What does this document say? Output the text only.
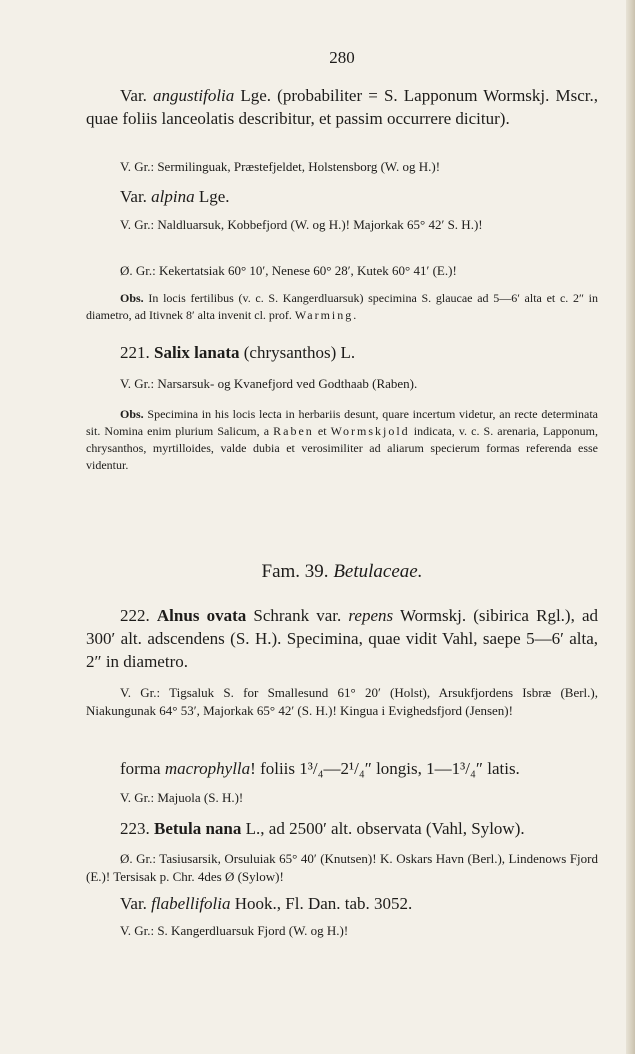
280
Var. angustifolia Lge. (probabiliter = S. Lapponum Wormskj. Mscr., quae foliis lanceolatis describitur, et passim occurrere dicitur).
V. Gr.: Sermilinguak, Præstefjeldet, Holstensborg (W. og H.)!
Var. alpina Lge.
V. Gr.: Naldluarsuk, Kobbefjord (W. og H.)! Majorkak 65° 42′ S. H.)!
Ø. Gr.: Kekertatsiak 60° 10′, Nenese 60° 28′, Kutek 60° 41′ (E.)!
Obs. In locis fertilibus (v. c. S. Kangerdluarsuk) specimina S. glaucae ad 5—6′ alta et c. 2″ in diametro, ad Itivnek 8′ alta invenit cl. prof. Warming.
221. Salix lanata (chrysanthos) L.
V. Gr.: Narsarsuk- og Kvanefjord ved Godthaab (Raben).
Obs. Specimina in his locis lecta in herbariis desunt, quare incertum videtur, an recte determinata sit. Nomina enim plurium Salicum, a Raben et Wormskjold indicata, v. c. S. arenaria, Lapponum, chrysanthos, myrtilloides, valde dubia et verosimiliter ad aliarum specierum formas referenda esse videntur.
Fam. 39. Betulaceae.
222. Alnus ovata Schrank var. repens Wormskj. (sibirica Rgl.), ad 300′ alt. adscendens (S. H.). Specimina, quae vidit Vahl, saepe 5—6′ alta, 2″ in diametro.
V. Gr.: Tigsaluk S. for Smallesund 61° 20′ (Holst), Arsukfjordens Isbræ (Berl.), Niakungunak 64° 53′, Majorkak 65° 42′ (S. H.)! Kingua i Evighedsfjord (Jensen)!
forma macrophylla! foliis 1³/₄—2¹/₄″ longis, 1—1³/₄″ latis.
V. Gr.: Majuola (S. H.)!
223. Betula nana L., ad 2500′ alt. observata (Vahl, Sylow).
Ø. Gr.: Tasiusarsik, Orsuluiak 65° 40′ (Knutsen)! K. Oskars Havn (Berl.), Lindenows Fjord (E.)! Tersisak p. Chr. 4des Ø (Sylow)!
Var. flabellifolia Hook., Fl. Dan. tab. 3052.
V. Gr.: S. Kangerdluarsuk Fjord (W. og H.)!
